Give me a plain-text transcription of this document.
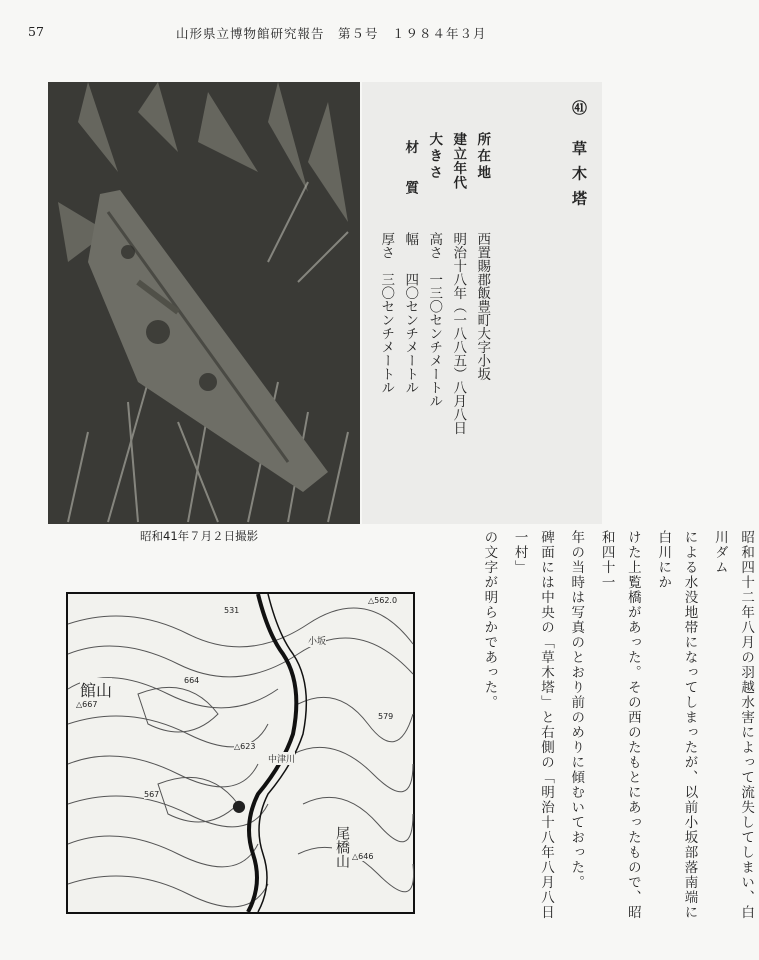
57	山形県立博物館研究報告　第５号　１９８４年３月
昭和41年７月２日撮影
㊶ 草木塔
所在地
西置賜郡飯豊町大字小坂
建立年代
明治十八年（一八八五）八月八日
大きさ
高さ　一三〇センチメートル
幅　　四〇センチメートル
厚さ　三〇センチメートル
材　　質

昭和四十二年八月の羽越水害によって流失してしまい、白川ダム

による水没地帯になってしまったが、以前小坂部落南端に白川にか

けた上覧橋があった。その西のたもとにあったもので、昭和四十一

年の当時は写真のとおり前のめりに傾むいておった。

碑面には中央の「草木塔」と右側の「明治十八年八月八日　一村」

の文字が明らかであった。

館山
△667
664
531
△562.0
△623
567
579
△646
中津川
小坂
尾橋山
●
